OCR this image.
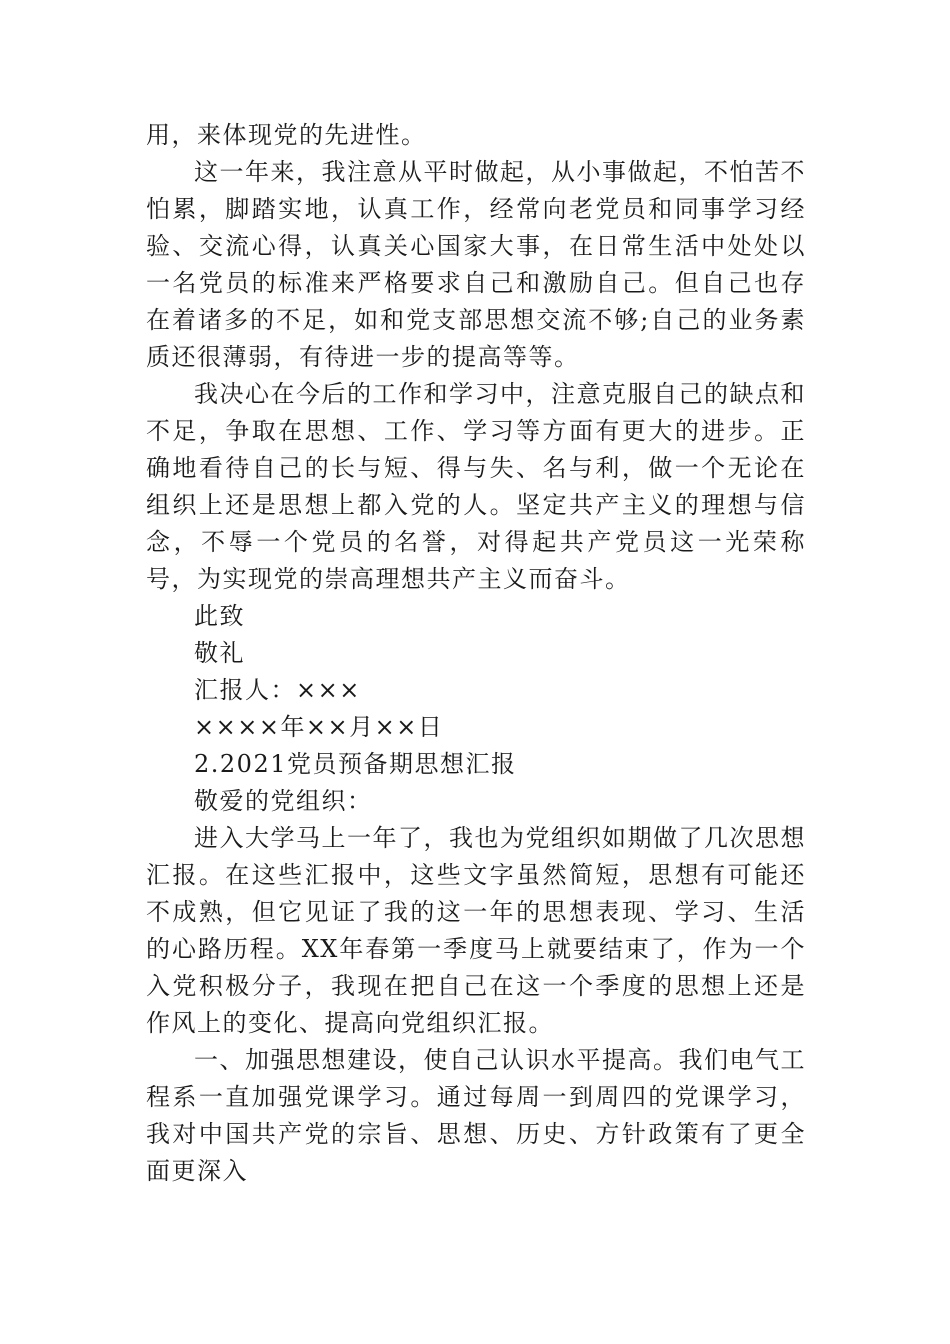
用，来体现党的先进性。

这一年来，我注意从平时做起，从小事做起，不怕苦不怕累，脚踏实地，认真工作，经常向老党员和同事学习经验、交流心得，认真关心国家大事，在日常生活中处处以一名党员的标准来严格要求自己和激励自己。但自己也存在着诸多的不足，如和党支部思想交流不够;自己的业务素质还很薄弱，有待进一步的提高等等。

我决心在今后的工作和学习中，注意克服自己的缺点和不足，争取在思想、工作、学习等方面有更大的进步。正确地看待自己的长与短、得与失、名与利，做一个无论在组织上还是思想上都入党的人。坚定共产主义的理想与信念，不辱一个党员的名誉，对得起共产党员这一光荣称号，为实现党的崇高理想共产主义而奋斗。

此致

敬礼

汇报人：×××

××××年××月××日

2.2021党员预备期思想汇报

敬爱的党组织：

进入大学马上一年了，我也为党组织如期做了几次思想汇报。在这些汇报中，这些文字虽然简短，思想有可能还不成熟，但它见证了我的这一年的思想表现、学习、生活的心路历程。XX年春第一季度马上就要结束了，作为一个入党积极分子，我现在把自己在这一个季度的思想上还是作风上的变化、提高向党组织汇报。

一、加强思想建设，使自己认识水平提高。我们电气工程系一直加强党课学习。通过每周一到周四的党课学习，我对中国共产党的宗旨、思想、历史、方针政策有了更全面更深入
